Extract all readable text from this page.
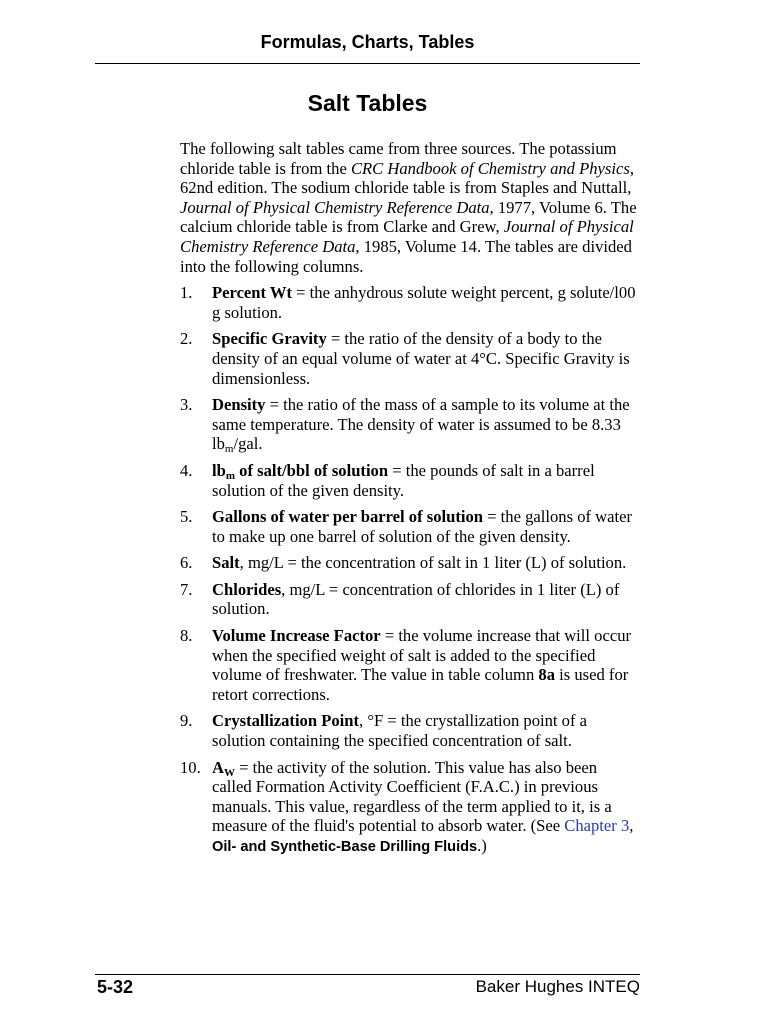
Formulas, Charts, Tables
Salt Tables

The following salt tables came from three sources. The potassium chloride table is from the CRC Handbook of Chemistry and Physics, 62nd edition. The sodium chloride table is from Staples and Nuttall, Journal of Physical Chemistry Reference Data, 1977, Volume 6. The calcium chloride table is from Clarke and Grew, Journal of Physical Chemistry Reference Data, 1985, Volume 14. The tables are divided into the following columns.

1. Percent Wt = the anhydrous solute weight percent, g solute/l00 g solution.
2. Specific Gravity = the ratio of the density of a body to the density of an equal volume of water at 4°C. Specific Gravity is dimensionless.
3. Density = the ratio of the mass of a sample to its volume at the same temperature. The density of water is assumed to be 8.33 $lb_m$/gal.
4. $lb_m$ of salt/bbl of solution = the pounds of salt in a barrel solution of the given density.
5. Gallons of water per barrel of solution = the gallons of water to make up one barrel of solution of the given density.
6. Salt, mg/L = the concentration of salt in 1 liter (L) of solution.
7. Chlorides, mg/L = concentration of chlorides in 1 liter (L) of solution.
8. Volume Increase Factor = the volume increase that will occur when the specified weight of salt is added to the specified volume of freshwater. The value in table column 8a is used for retort corrections.
9. Crystallization Point, °F = the crystallization point of a solution containing the specified concentration of salt.
10. $A_W$ = the activity of the solution. This value has also been called Formation Activity Coefficient (F.A.C.) in previous manuals. This value, regardless of the term applied to it, is a measure of the fluid's potential to absorb water. (See Chapter 3, Oil- and Synthetic-Base Drilling Fluids.)
5-32	Baker Hughes INTEQ
